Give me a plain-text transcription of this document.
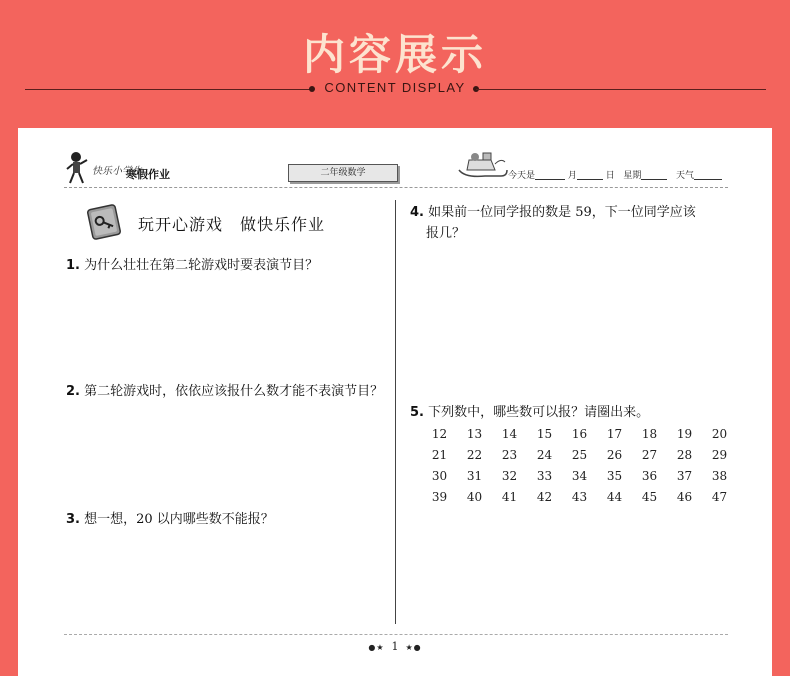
内容展示
CONTENT DISPLAY
快乐小学生
寒假作业	二年级数学	今天是	月	日 星期	天气
玩开心游戏　做快乐作业
1. 为什么壮壮在第二轮游戏时要表演节目？
2. 第二轮游戏时，依依应该报什么数才能不表演节目？
3. 想一想，20 以内哪些数不能报？
4. 如果前一位同学报的数是 59，下一位同学应该
报几？
5. 下列数中，哪些数可以报？请圈出来。
12	13	14	15	16	17	18	19	20
21	22	23	24	25	26	27	28	29
30	31	32	33	34	35	36	37	38
39	40	41	42	43	44	45	46	47
●★ 1 ★●
